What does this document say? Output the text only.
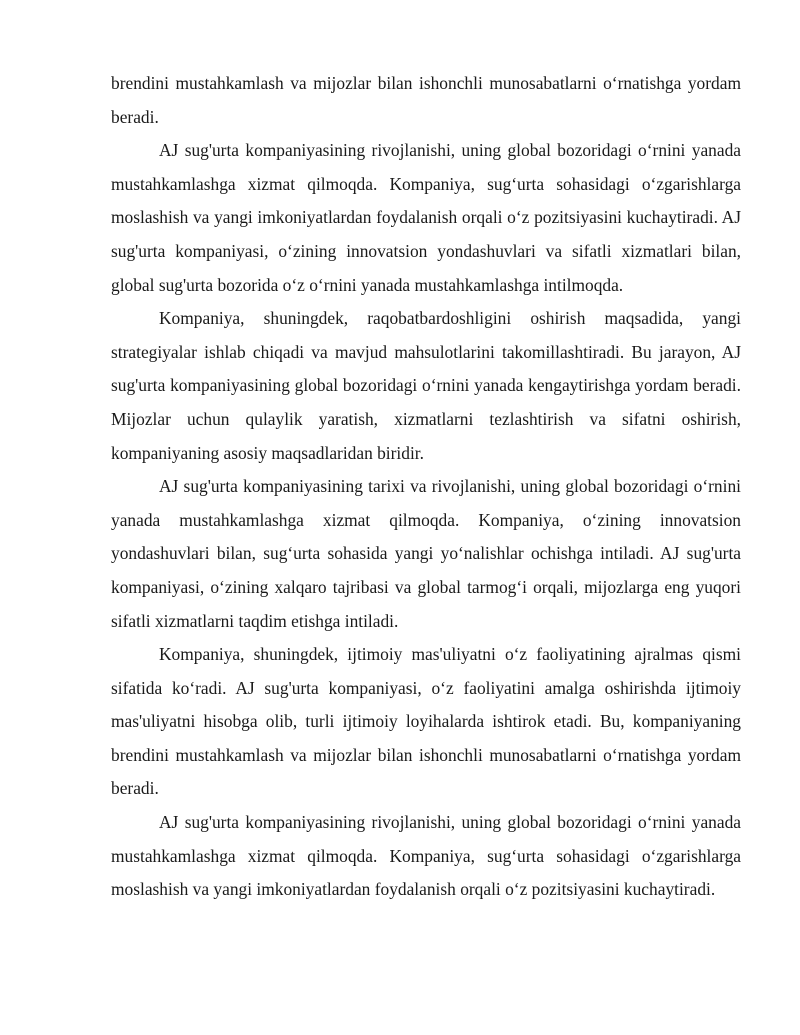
brendini mustahkamlash va mijozlar bilan ishonchli munosabatlarni o‘rnatishga yordam beradi.

AJ sug'urta kompaniyasining rivojlanishi, uning global bozoridagi o‘rnini yanada mustahkamlashga xizmat qilmoqda. Kompaniya, sug‘urta sohasidagi o‘zgarishlarga moslashish va yangi imkoniyatlardan foydalanish orqali o‘z pozitsiyasini kuchaytiradi. AJ sug'urta kompaniyasi, o‘zining innovatsion yondashuvlari va sifatli xizmatlari bilan, global sug'urta bozorida o‘z o‘rnini yanada mustahkamlashga intilmoqda.

Kompaniya, shuningdek, raqobatbardoshligini oshirish maqsadida, yangi strategiyalar ishlab chiqadi va mavjud mahsulotlarini takomillashtiradi. Bu jarayon, AJ sug'urta kompaniyasining global bozoridagi o‘rnini yanada kengaytirishga yordam beradi. Mijozlar uchun qulaylik yaratish, xizmatlarni tezlashtirish va sifatni oshirish, kompaniyaning asosiy maqsadlaridan biridir.

AJ sug'urta kompaniyasining tarixi va rivojlanishi, uning global bozoridagi o‘rnini yanada mustahkamlashga xizmat qilmoqda. Kompaniya, o‘zining innovatsion yondashuvlari bilan, sug‘urta sohasida yangi yo‘nalishlar ochishga intiladi. AJ sug'urta kompaniyasi, o‘zining xalqaro tajribasi va global tarmog‘i orqali, mijozlarga eng yuqori sifatli xizmatlarni taqdim etishga intiladi.

Kompaniya, shuningdek, ijtimoiy mas'uliyatni o‘z faoliyatining ajralmas qismi sifatida ko‘radi. AJ sug'urta kompaniyasi, o‘z faoliyatini amalga oshirishda ijtimoiy mas'uliyatni hisobga olib, turli ijtimoiy loyihalarda ishtirok etadi. Bu, kompaniyaning brendini mustahkamlash va mijozlar bilan ishonchli munosabatlarni o‘rnatishga yordam beradi.

AJ sug'urta kompaniyasining rivojlanishi, uning global bozoridagi o‘rnini yanada mustahkamlashga xizmat qilmoqda. Kompaniya, sug‘urta sohasidagi o‘zgarishlarga moslashish va yangi imkoniyatlardan foydalanish orqali o‘z pozitsiyasini kuchaytiradi.
